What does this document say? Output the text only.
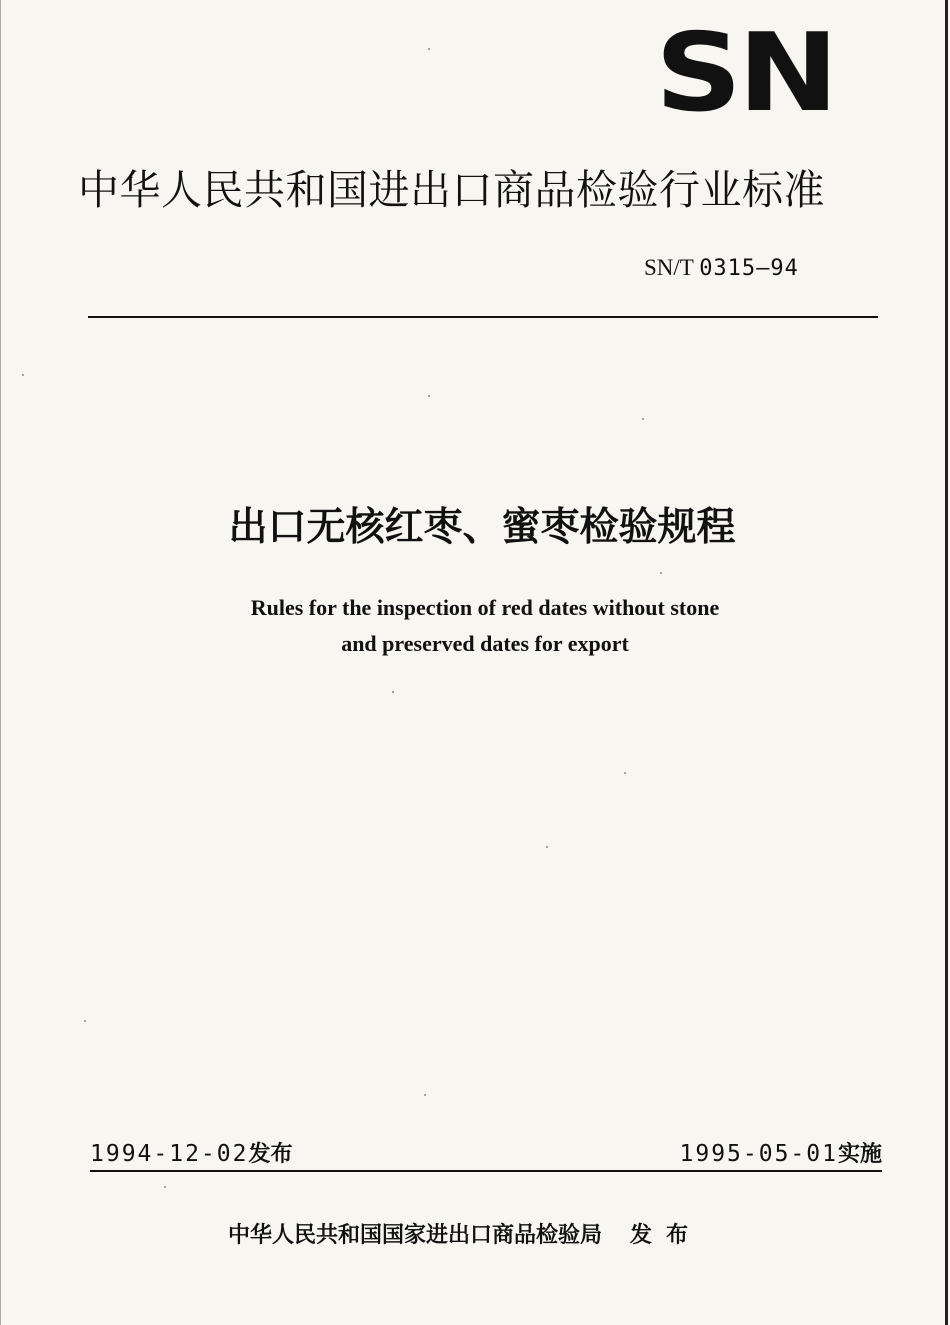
SN
中华人民共和国进出口商品检验行业标准
SN/T 0315—94
出口无核红枣、蜜枣检验规程
Rules for the inspection of red dates without stone
and preserved dates for export
1994-12-02发布	1995-05-01实施
中华人民共和国国家进出口商品检验局 发布
